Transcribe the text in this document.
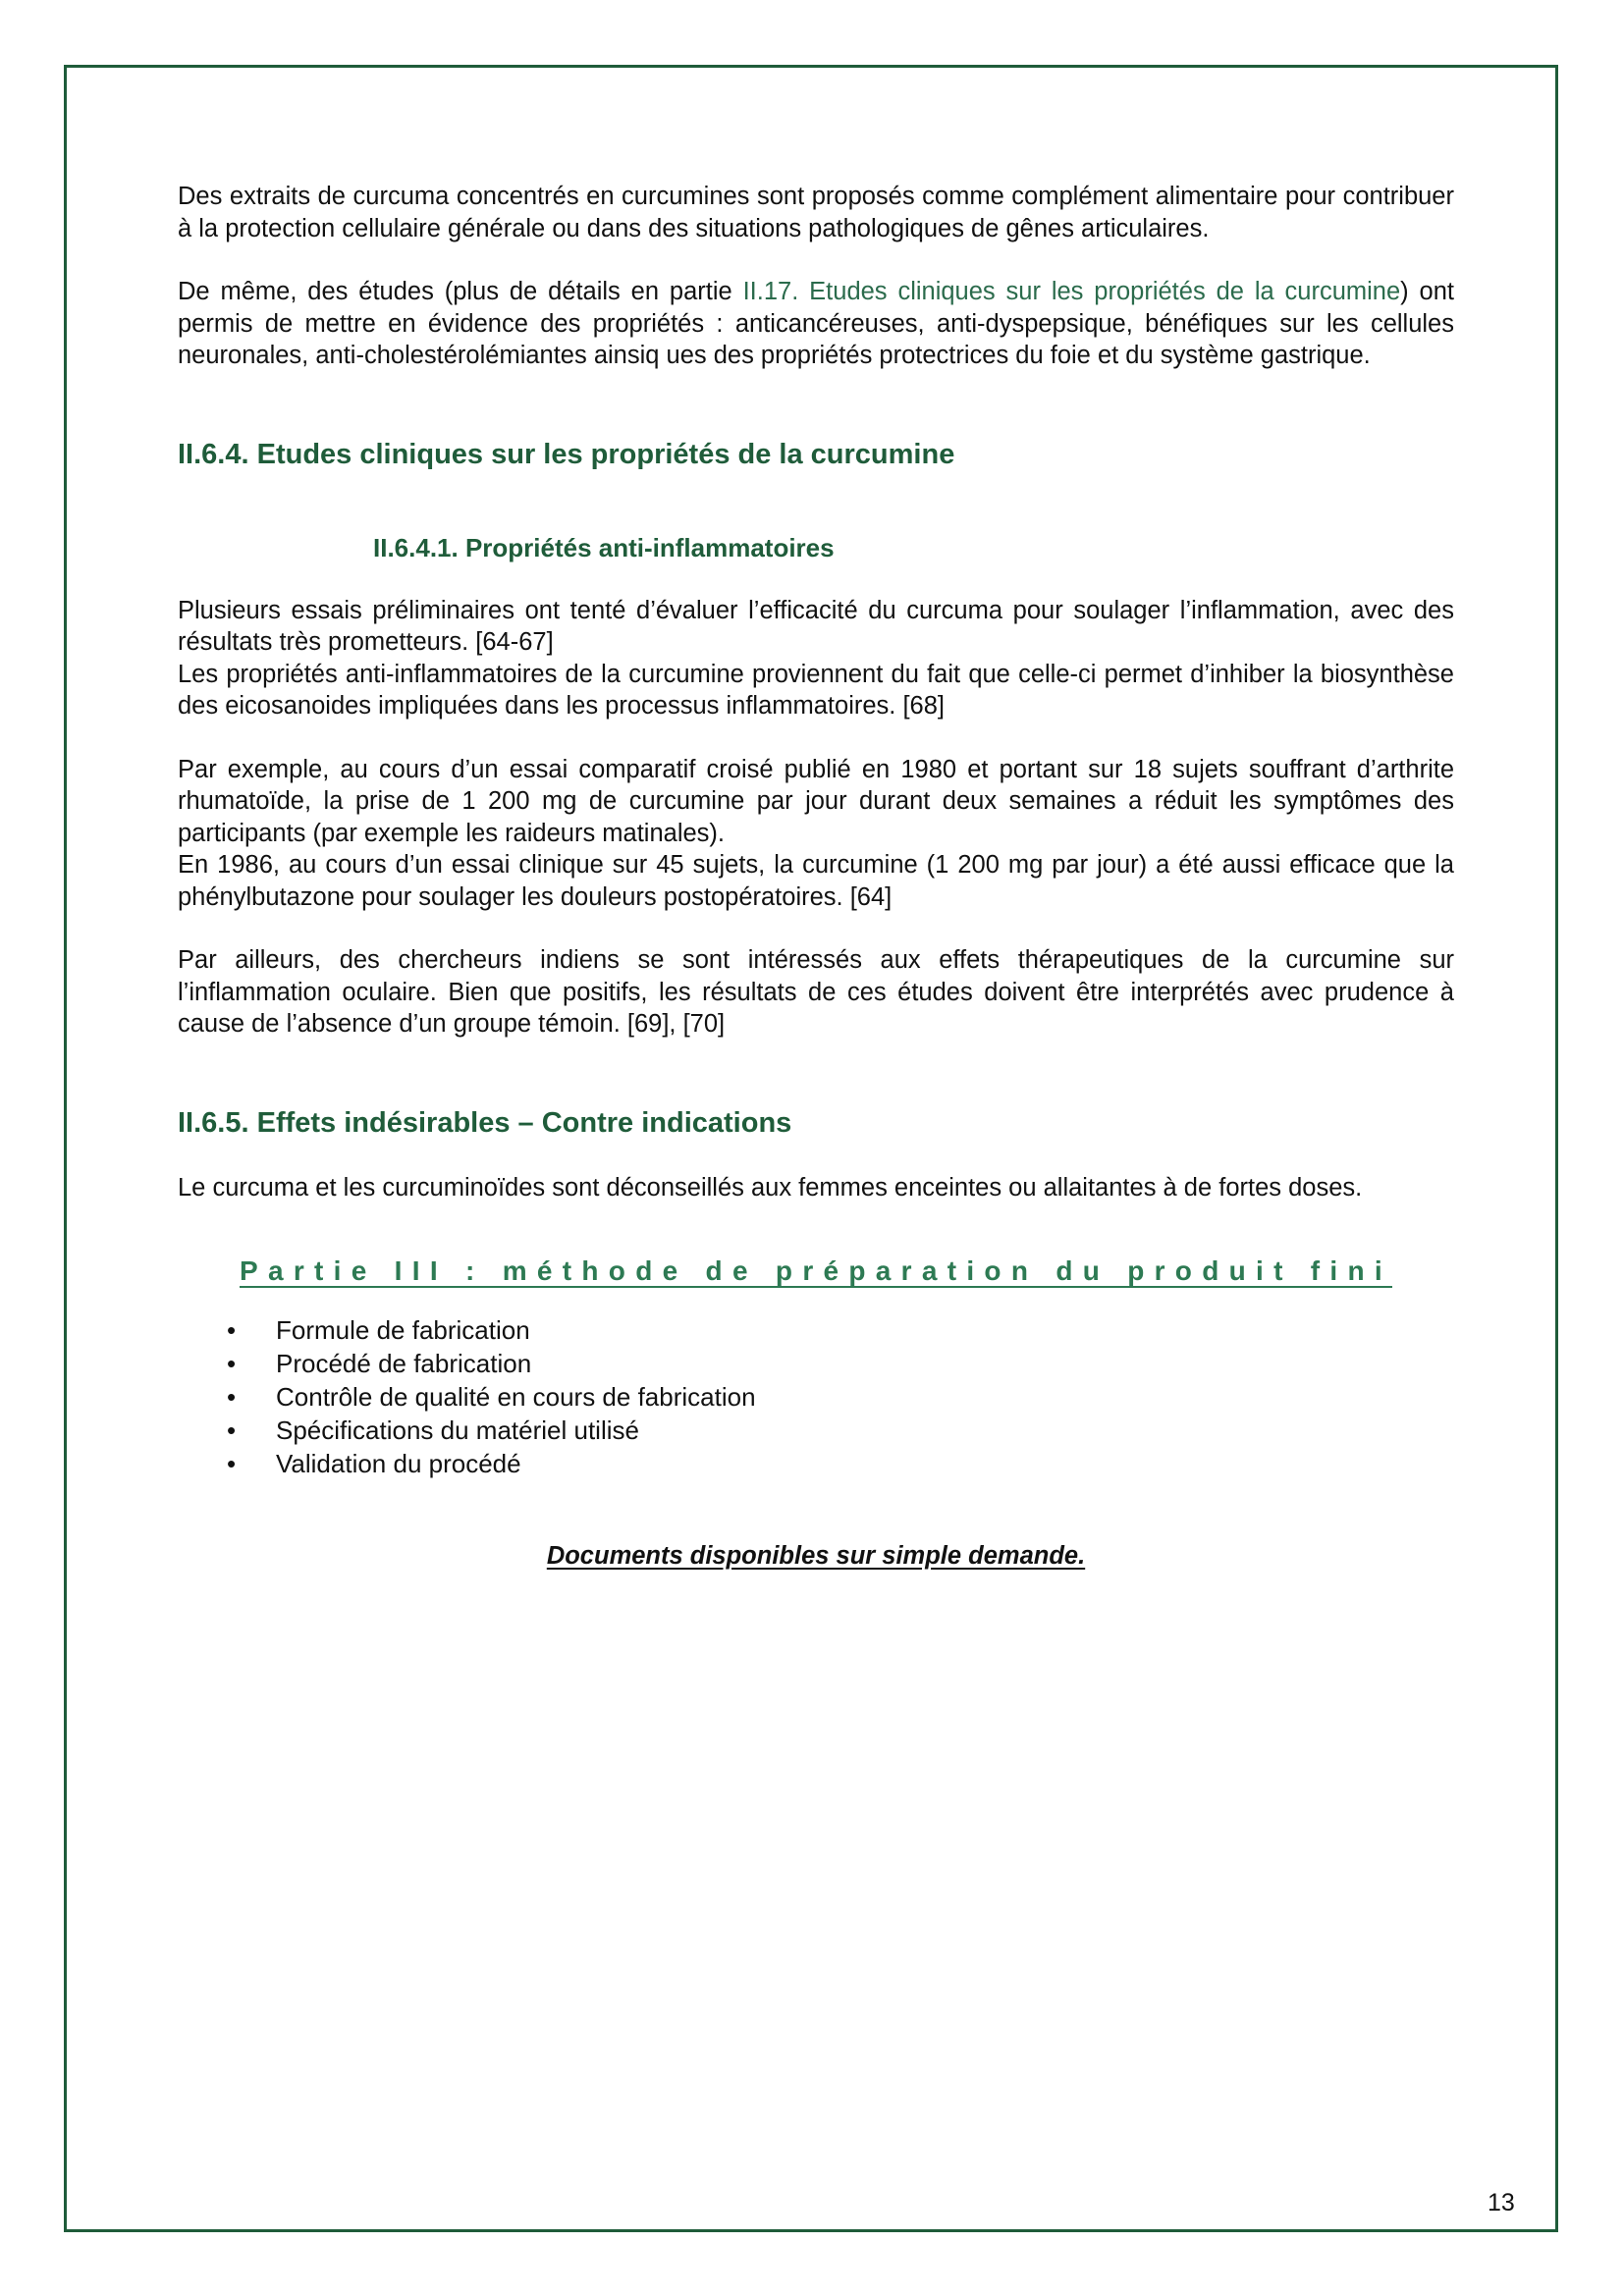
Des extraits de curcuma concentrés en curcumines sont proposés comme complément alimentaire pour contribuer à la protection cellulaire générale ou dans des situations pathologiques de gênes articulaires.

De même, des études (plus de détails en partie II.17. Etudes cliniques sur les propriétés de la curcumine) ont permis de mettre en évidence des propriétés : anticancéreuses, anti-dyspepsique, bénéfiques sur les cellules neuronales, anti-cholestérolémiantes ainsiq ues des propriétés protectrices du foie et du système gastrique.

II.6.4. Etudes cliniques sur les propriétés de la curcumine
II.6.4.1. Propriétés anti-inflammatoires

Plusieurs essais préliminaires ont tenté d’évaluer l’efficacité du curcuma pour soulager l’inflammation, avec des résultats très prometteurs. [64-67]

Les propriétés anti-inflammatoires de la curcumine proviennent du fait que celle-ci permet d’inhiber la biosynthèse des eicosanoides impliquées dans les processus inflammatoires. [68]

Par exemple, au cours d’un essai comparatif croisé publié en 1980 et portant sur 18 sujets souffrant d’arthrite rhumatoïde, la prise de 1 200 mg de curcumine par jour durant deux semaines a réduit les symptômes des participants (par exemple les raideurs matinales).

En 1986, au cours d’un essai clinique sur 45 sujets, la curcumine (1 200 mg par jour) a été aussi efficace que la phénylbutazone pour soulager les douleurs postopératoires. [64]

Par ailleurs, des chercheurs indiens se sont intéressés aux effets thérapeutiques de la curcumine sur l’inflammation oculaire. Bien que positifs, les résultats de ces études doivent être interprétés avec prudence à cause de l’absence d’un groupe témoin. [69], [70]

II.6.5. Effets indésirables – Contre indications

Le curcuma et les curcuminoïdes sont déconseillés aux femmes enceintes ou allaitantes à de fortes doses.

Partie III : méthode de préparation du produit fini
• Formule de fabrication
• Procédé de fabrication
• Contrôle de qualité en cours de fabrication
• Spécifications du matériel utilisé
• Validation du procédé
Documents disponibles sur simple demande.
13
